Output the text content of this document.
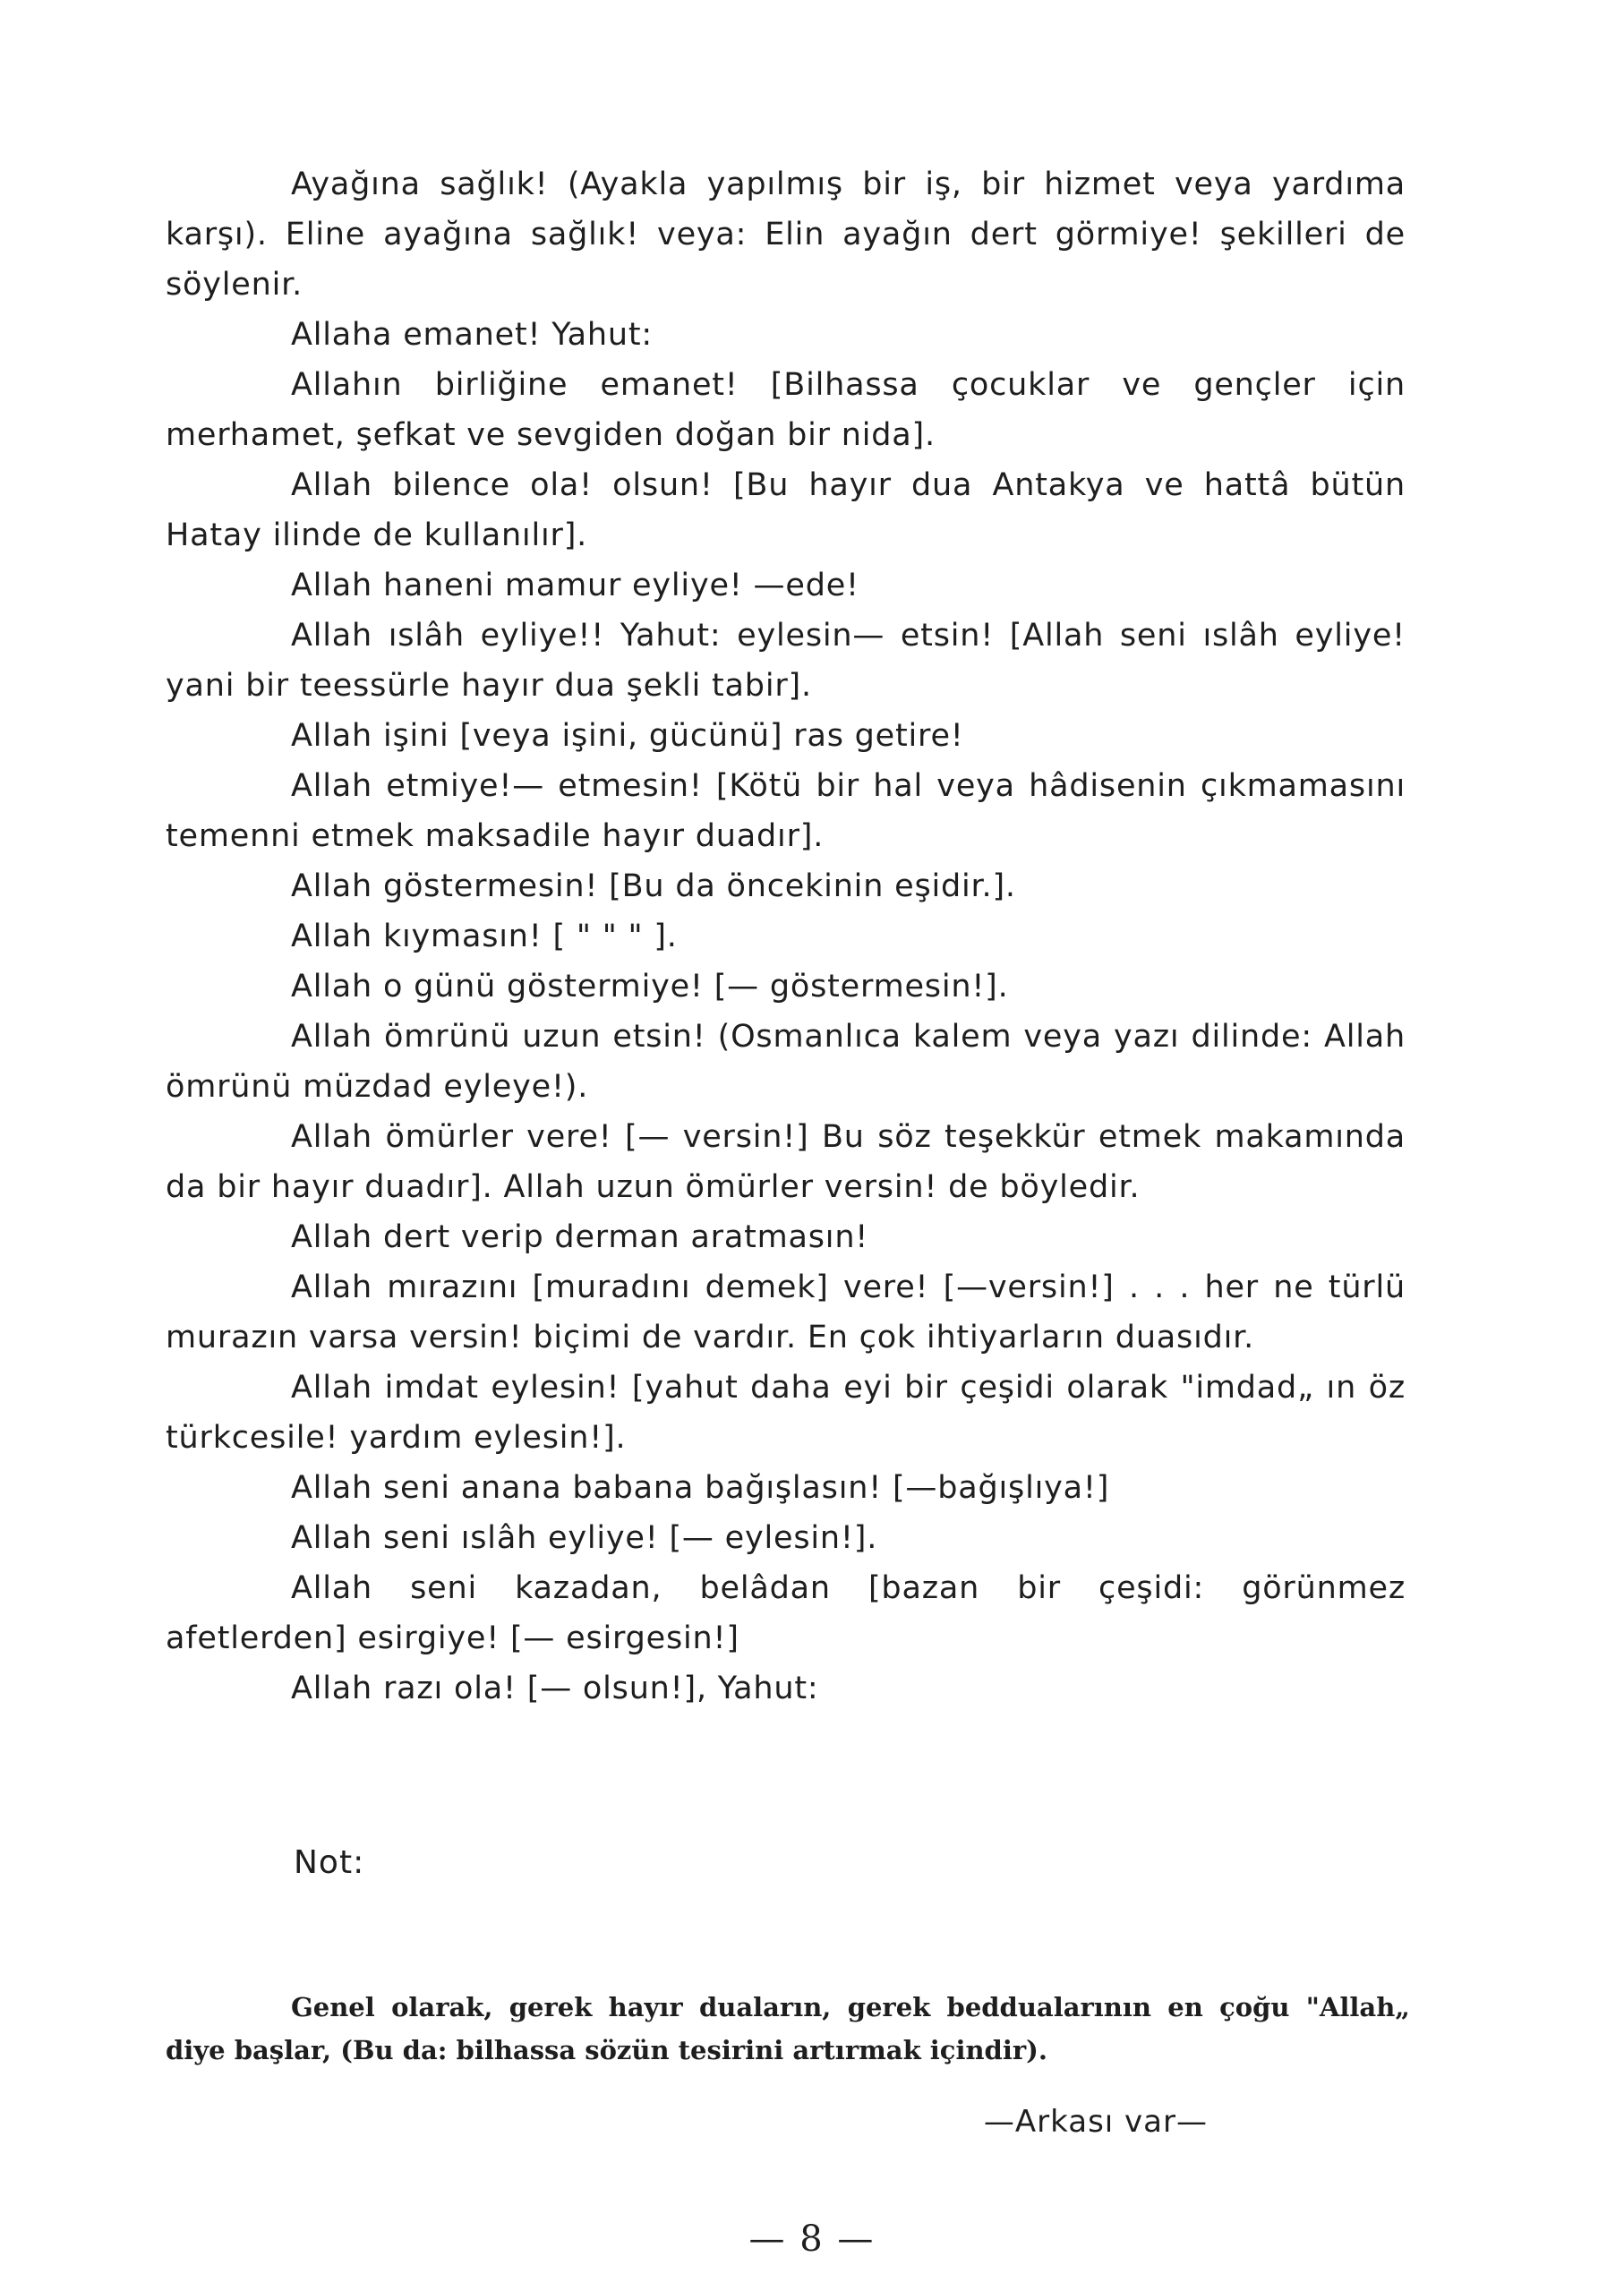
Ayağına sağlık! (Ayakla yapılmış bir iş, bir hizmet veya yardıma karşı). Eline ayağına sağlık! veya: Elin ayağın dert görmiye! şekilleri de söylenir.

Allaha emanet! Yahut:

Allahın birliğine emanet! [Bilhassa çocuklar ve gençler için merhamet, şefkat ve sevgiden doğan bir nida].

Allah bilence ola! olsun! [Bu hayır dua Antakya ve hattâ bütün Hatay ilinde de kullanılır].

Allah haneni mamur eyliye! —ede!

Allah ıslâh eyliye!! Yahut: eylesin— etsin! [Allah seni ıslâh eyliye! yani bir teessürle hayır dua şekli tabir].

Allah işini [veya işini, gücünü] ras getire!

Allah etmiye!— etmesin! [Kötü bir hal veya hâdisenin çıkmamasını temenni etmek maksadile hayır duadır].

Allah göstermesin! [Bu da öncekinin eşidir.].

Allah kıymasın! [ " " " ].

Allah o günü göstermiye! [— göstermesin!].

Allah ömrünü uzun etsin! (Osmanlıca kalem veya yazı dilinde: Allah ömrünü müzdad eyleye!).

Allah ömürler vere! [— versin!] Bu söz teşekkür etmek makamında da bir hayır duadır]. Allah uzun ömürler versin! de böyledir.

Allah dert verip derman aratmasın!

Allah mırazını [muradını demek] vere! [—versin!] . . . her ne türlü murazın varsa versin! biçimi de vardır. En çok ihtiyarların duasıdır.

Allah imdat eylesin! [yahut daha eyi bir çeşidi olarak "imdad„ ın öz türkcesile! yardım eylesin!].

Allah seni anana babana bağışlasın! [—bağışlıya!]

Allah seni ıslâh eyliye! [— eylesin!].

Allah seni kazadan, belâdan [bazan bir çeşidi: görünmez afetlerden] esirgiye! [— esirgesin!]

Allah razı ola! [— olsun!], Yahut:

Not:

Genel olarak, gerek hayır duaların, gerek beddualarının en çoğu "Allah„ diye başlar, (Bu da: bilhassa sözün tesirini artırmak içindir).

—Arkası var—
— 8 —
